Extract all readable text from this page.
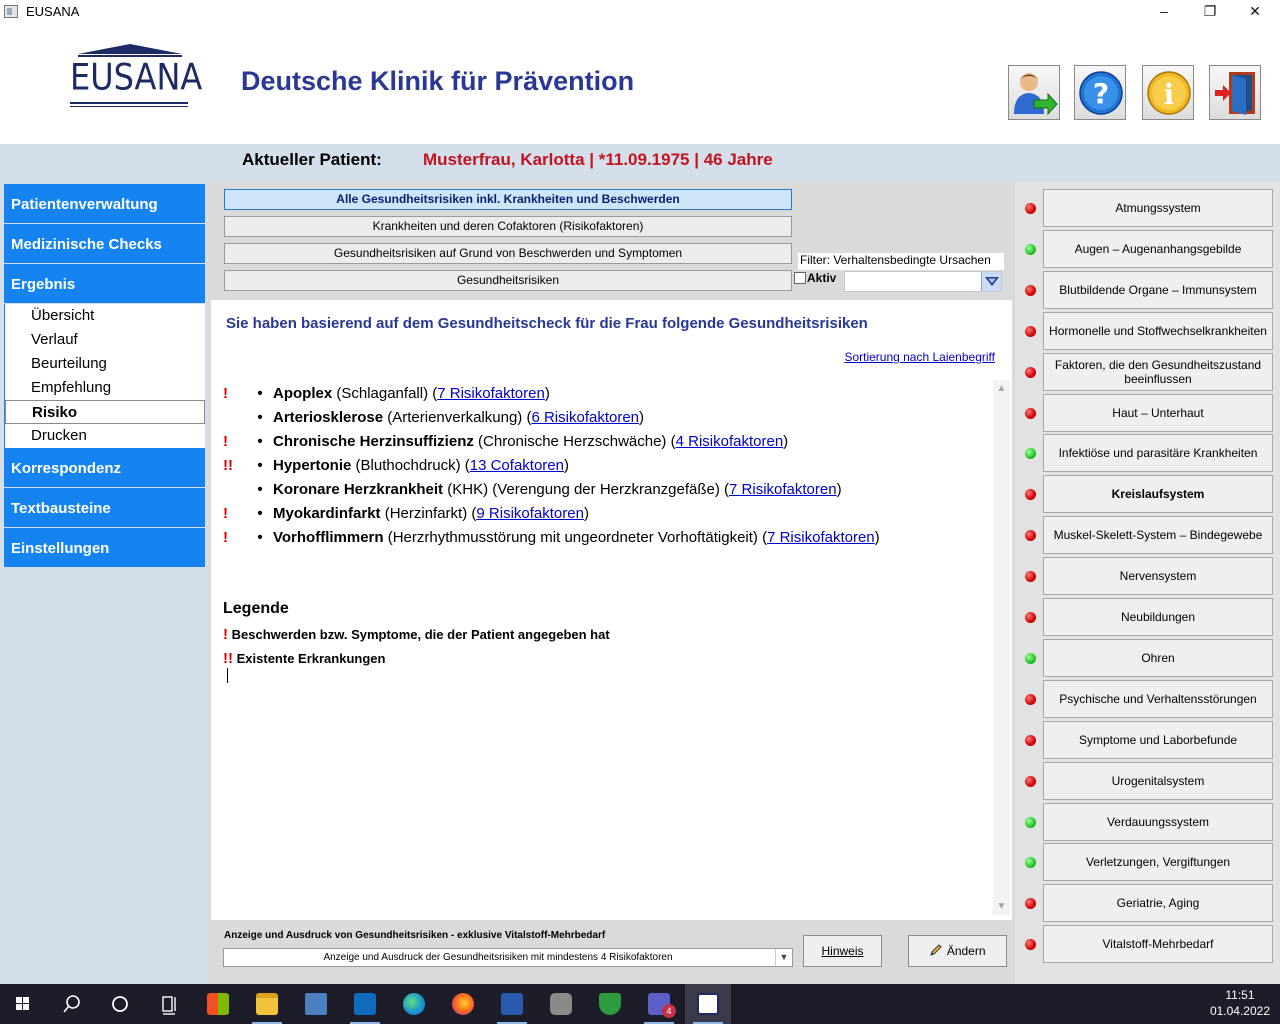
EUSANA	–	❐	✕
EUSANA Deutsche Klinik für Prävention	? i
Aktueller Patient: Musterfrau, Karlotta | *11.09.1975 | 46 Jahre
Patientenverwaltung
Medizinische Checks
Ergebnis
Übersicht
Verlauf
Beurteilung
Empfehlung
Risiko
Drucken
Korrespondenz
Textbausteine
Einstellungen
Alle Gesundheitsrisiken inkl. Krankheiten und Beschwerden
Krankheiten und deren Cofaktoren (Risikofaktoren)
Gesundheitsrisiken auf Grund von Beschwerden und Symptomen
Gesundheitsrisiken
Filter: Verhaltensbedingte Ursachen
Aktiv
Sie haben basierend auf dem Gesundheitscheck für die Frau folgende Gesundheitsrisiken
Sortierung nach Laienbegriff
! • Apoplex (Schlaganfall) (7 Risikofaktoren)
• Arteriosklerose (Arterienverkalkung) (6 Risikofaktoren)
! • Chronische Herzinsuffizienz (Chronische Herzschwäche) (4 Risikofaktoren)
!! • Hypertonie (Bluthochdruck) (13 Cofaktoren)
• Koronare Herzkrankheit (KHK) (Verengung der Herzkranzgefäße) (7 Risikofaktoren)
! • Myokardinfarkt (Herzinfarkt) (9 Risikofaktoren)
! • Vorhofflimmern (Herzrhythmusstörung mit ungeordneter Vorhoftätigkeit) (7 Risikofaktoren)
Legende
! Beschwerden bzw. Symptome, die der Patient angegeben hat
!! Existente Erkrankungen
▲
▼
Anzeige und Ausdruck von Gesundheitsrisiken - exklusive Vitalstoff-Mehrbedarf
Anzeige und Ausdruck der Gesundheitsrisiken mit mindestens 4 Risikofaktoren	▼	Hinweis	Ändern
Atmungssystem
Augen – Augenanhangsgebilde
Blutbildende Organe – Immunsystem
Hormonelle und Stoffwechselkrankheiten
Faktoren, die den Gesundheitszustand beeinflussen
Haut – Unterhaut
Infektiöse und parasitäre Krankheiten
Kreislaufsystem
Muskel-Skelett-System – Bindegewebe
Nervensystem
Neubildungen
Ohren
Psychische und Verhaltensstörungen
Symptome und Laborbefunde
Urogenitalsystem
Verdauungssystem
Verletzungen, Vergiftungen
Geriatrie, Aging
Vitalstoff-Mehrbedarf
4
11:51
01.04.2022
